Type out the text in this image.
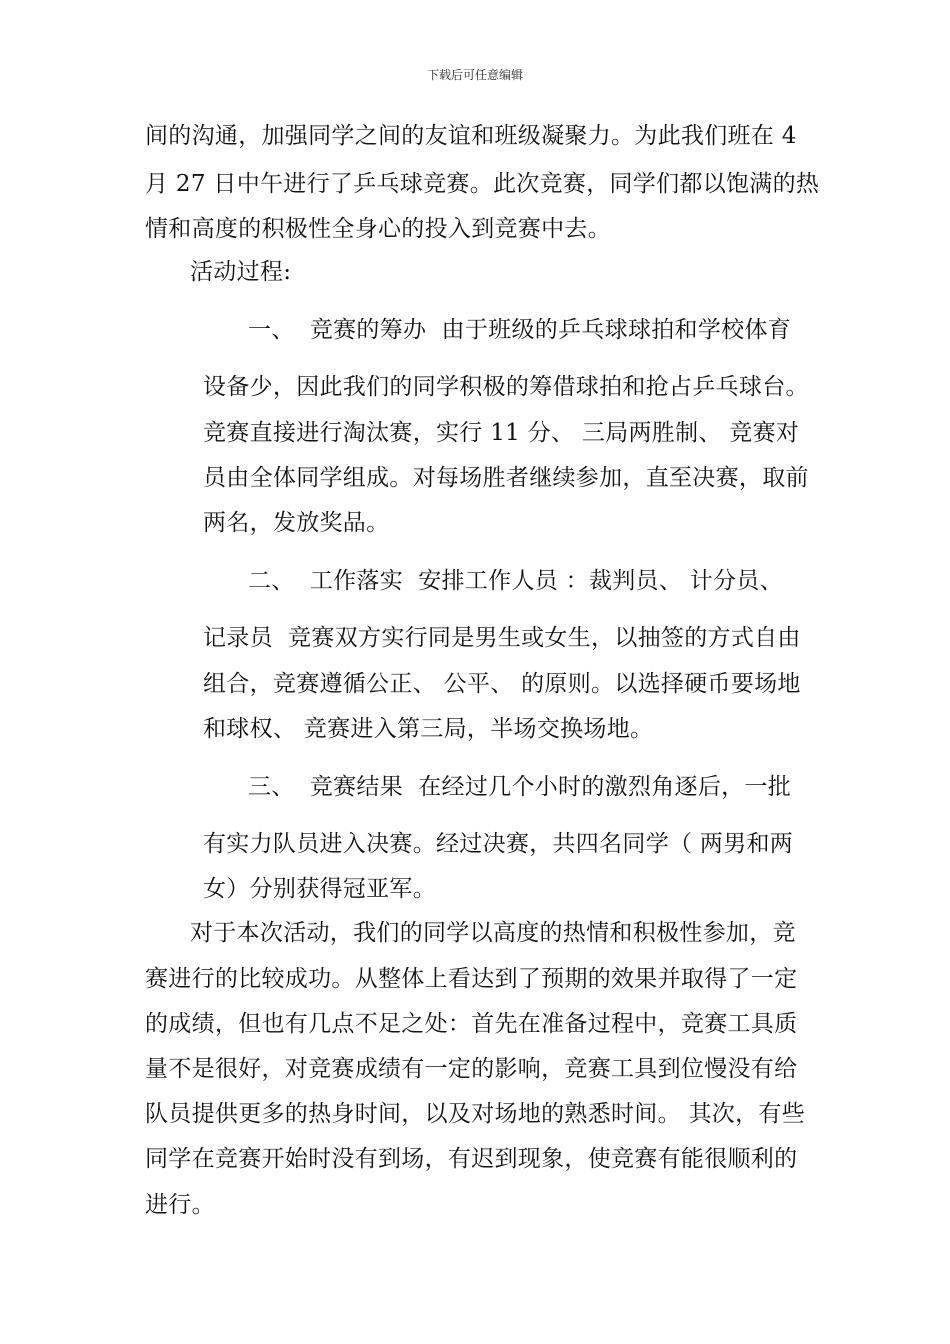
下载后可任意编辑
间的沟通，加强同学之间的友谊和班级凝聚力。为此我们班在 4
月 27 日中午进行了乒乓球竞赛。此次竞赛，同学们都以饱满的热
情和高度的积极性全身心的投入到竞赛中去。
活动过程:
一、  竞赛的筹办  由于班级的乒乓球球拍和学校体育
设备少，因此我们的同学积极的筹借球拍和抢占乒乓球台。
竞赛直接进行淘汰赛，实行 11 分、 三局两胜制、 竞赛对
员由全体同学组成。对每场胜者继续参加，直至决赛，取前
两名，发放奖品。
二、  工作落实  安排工作人员 ：裁判员、 计分员、
记录员  竞赛双方实行同是男生或女生，以抽签的方式自由
组合，竞赛遵循公正、 公平、 的原则。以选择硬币要场地
和球权、 竞赛进入第三局，半场交换场地。
三、  竞赛结果  在经过几个小时的激烈角逐后，一批
有实力队员进入决赛。经过决赛，共四名同学（ 两男和两
女）分别获得冠亚军。
对于本次活动，我们的同学以高度的热情和积极性参加，竞
赛进行的比较成功。从整体上看达到了预期的效果并取得了一定
的成绩，但也有几点不足之处：首先在准备过程中，竞赛工具质
量不是很好，对竞赛成绩有一定的影响，竞赛工具到位慢没有给
队员提供更多的热身时间，以及对场地的熟悉时间。 其次，有些
同学在竞赛开始时没有到场，有迟到现象，使竞赛有能很顺利的
进行。
